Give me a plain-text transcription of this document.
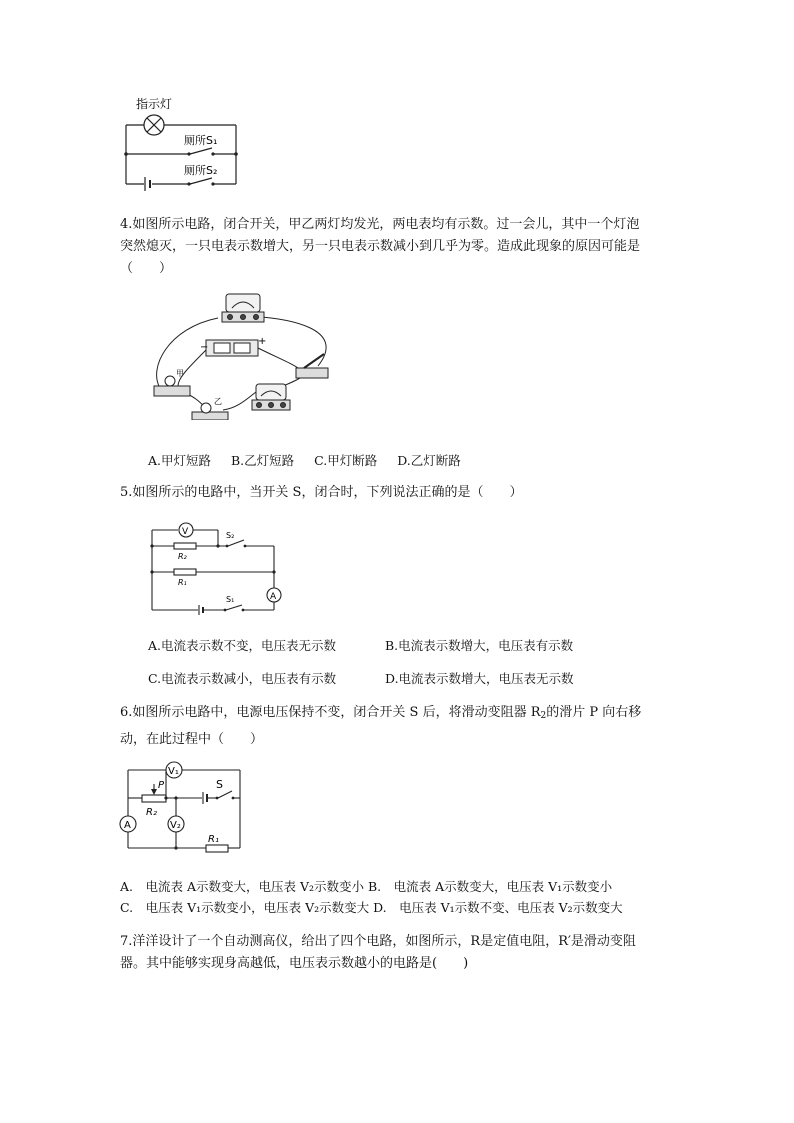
指示灯
厕所S₁
厕所S₂
4.如图所示电路，闭合开关，甲乙两灯均发光，两电表均有示数。过一会儿，其中一个灯泡
突然熄灭，一只电表示数增大，另一只电表示数减小到几乎为零。造成此现象的原因可能是
（　　）
甲
乙
−
+
A.甲灯短路 B.乙灯短路 C.甲灯断路 D.乙灯断路
5.如图所示的电路中，当开关 S，闭合时，下列说法正确的是（　　）
V
A
R₂
R₁
S₂
S₁
A.电流表示数不变，电压表无示数	B.电流表示数增大，电压表有示数
C.电流表示数减小，电压表有示数	D.电流表示数增大，电压表无示数
6.如图所示电路中，电源电压保持不变，闭合开关 S 后，将滑动变阻器 $R_2$的滑片 P 向右移
动，在此过程中（　　）
V₁
V₂
A
S
P
R₂
R₁
A.　电流表 A示数变大，电压表 V₂示数变小 B.　电流表 A示数变大，电压表 V₁示数变小
C.　电压表 V₁示数变小，电压表 V₂示数变大 D.　电压表 V₁示数不变、电压表 V₂示数变大
7.洋洋设计了一个自动测高仪，给出了四个电路，如图所示，R是定值电阻，R′是滑动变阻
器。其中能够实现身高越低，电压表示数越小的电路是(　　)
